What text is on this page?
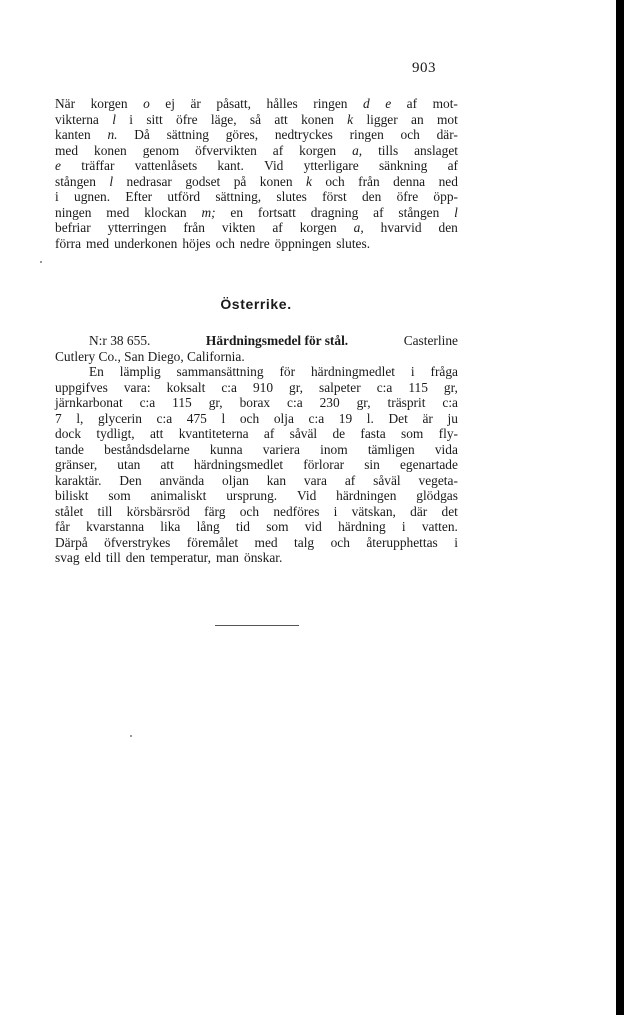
903
När korgen o ej är påsatt, hålles ringen d e af mot-
vikterna l i sitt öfre läge, så att konen k ligger an mot
kanten n. Då sättning göres, nedtryckes ringen och där-
med konen genom öfvervikten af korgen a, tills anslaget
e träffar vattenlåsets kant. Vid ytterligare sänkning af
stången l nedrasar godset på konen k och från denna ned
i ugnen. Efter utförd sättning, slutes först den öfre öpp-
ningen med klockan m; en fortsatt dragning af stången l
befriar ytterringen från vikten af korgen a, hvarvid den
förra med underkonen höjes och nedre öppningen slutes.
Österrike.
N:r 38 655.	Härdningsmedel för stål.	Casterline
Cutlery Co., San Diego, California.
En lämplig sammansättning för härdningmedlet i fråga
uppgifves vara: koksalt c:a 910 gr, salpeter c:a 115 gr,
järnkarbonat c:a 115 gr, borax c:a 230 gr, träsprit c:a
7 l, glycerin c:a 475 l och olja c:a 19 l. Det är ju
dock tydligt, att kvantiteterna af såväl de fasta som fly-
tande beståndsdelarne kunna variera inom tämligen vida
gränser, utan att härdningsmedlet förlorar sin egenartade
karaktär. Den använda oljan kan vara af såväl vegeta-
biliskt som animaliskt ursprung. Vid härdningen glödgas
stålet till körsbärsröd färg och nedföres i vätskan, där det
får kvarstanna lika lång tid som vid härdning i vatten.
Därpå öfverstrykes föremålet med talg och återupphettas i
svag eld till den temperatur, man önskar.
